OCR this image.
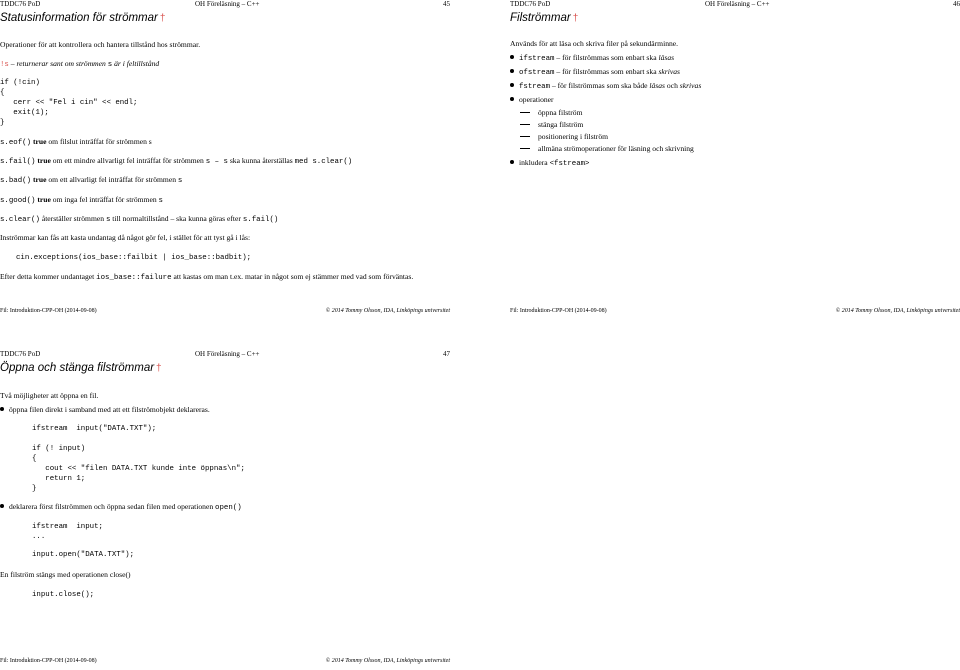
TDDC76 PoD	OH Föreläsning – C++	45
Statusinformation för strömmar †
Operationer för att kontrollera och hantera tillstånd hos strömmar.
!s – returnerar sant om strömmen s är i feltillstånd
if (!cin)
{
cerr << "Fel i cin" << endl;
exit(1);
}
s.eof() true om filslut inträffat för strömmen s
s.fail() true om ett mindre allvarligt fel inträffat för strömmen s – s ska kunna återställas med s.clear()
s.bad() true om ett allvarligt fel inträffat för strömmen s
s.good() true om inga fel inträffat för strömmen s
s.clear() återställer strömmen s till normaltillstånd – ska kunna göras efter s.fail()
Inströmmar kan fås att kasta undantag då något gör fel, i stället för att tyst gå i lås:
cin.exceptions(ios_base::failbit | ios_base::badbit);
Efter detta kommer undantaget ios_base::failure att kastas om man t.ex. matar in något som ej stämmer med vad som förväntas.
Fil: Introduktion-CPP-OH (2014-09-08)	© 2014 Tommy Olsson, IDA, Linköpings universitet
TDDC76 PoD	OH Föreläsning – C++	46
Filströmmar †
Används för att läsa och skriva filer på sekundärminne.
ifstream – för filströmmas som enbart ska läsas
ofstream – för filströmmas som enbart ska skrivas
fstream – för filströmmas som ska både läsas och skrivas
operationer
öppna filström
stänga filström
positionering i filström
allmäna strömoperationer för läsning och skrivning
inkludera <fstream>
Fil: Introduktion-CPP-OH (2014-09-08)	© 2014 Tommy Olsson, IDA, Linköpings universitet
TDDC76 PoD	OH Föreläsning – C++	47
Öppna och stänga filströmmar †
Två möjligheter att öppna en fil.
öppna filen direkt i samband med att ett filströmobjekt deklareras.
ifstream  input("DATA.TXT");
if (! input)
{
cout << "filen DATA.TXT kunde inte öppnas\n";
return 1;
}
deklarera först filströmmen och öppna sedan filen med operationen open()
ifstream  input;
...
input.open("DATA.TXT");
En filström stängs med operationen close()
input.close();
Fil: Introduktion-CPP-OH (2014-09-08)	© 2014 Tommy Olsson, IDA, Linköpings universitet
